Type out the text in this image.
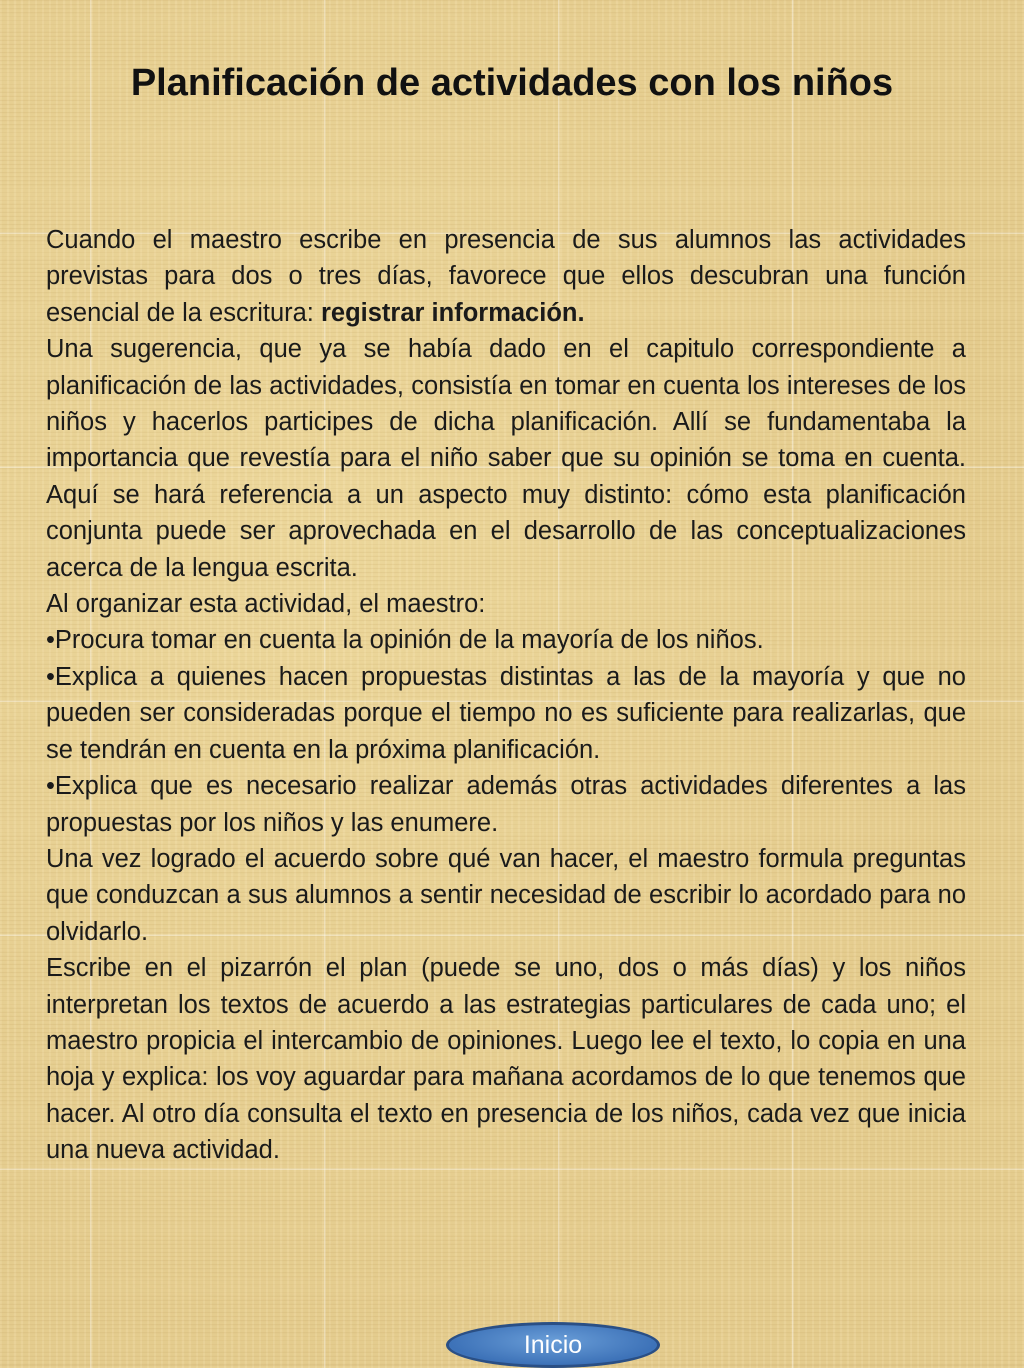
Planificación de actividades con los niños

Cuando el maestro escribe en presencia de sus alumnos las actividades previstas para dos o tres días, favorece que ellos descubran una función esencial de la escritura: registrar información.

Una sugerencia, que ya se había dado en el capitulo correspondiente a planificación de las actividades, consistía en tomar en cuenta los intereses de los niños y hacerlos participes de dicha planificación. Allí se fundamentaba la importancia que revestía para el niño saber que su opinión se toma en cuenta. Aquí se hará referencia a un aspecto muy distinto: cómo esta planificación conjunta puede ser aprovechada en el desarrollo de las conceptualizaciones acerca de la lengua escrita.

Al organizar esta actividad, el maestro:

•Procura tomar en cuenta la opinión de la mayoría de los niños.

•Explica a quienes hacen propuestas distintas a las de la mayoría y que no pueden ser consideradas porque el tiempo no es suficiente para realizarlas, que se tendrán en cuenta en la próxima planificación.

•Explica que es necesario realizar además otras actividades diferentes a las propuestas por los niños y las enumere.

Una vez logrado el acuerdo sobre qué van hacer, el maestro formula preguntas que conduzcan a sus alumnos a sentir necesidad de escribir lo acordado para no olvidarlo.

Escribe en el pizarrón el plan (puede se uno, dos o más días) y los niños interpretan los textos de acuerdo a las estrategias particulares de cada uno; el maestro propicia el intercambio de opiniones. Luego lee el texto, lo copia en una hoja y explica: los voy aguardar para mañana acordamos de lo que tenemos que hacer. Al otro día consulta el texto en presencia de los niños, cada vez que inicia una nueva actividad.

Inicio
